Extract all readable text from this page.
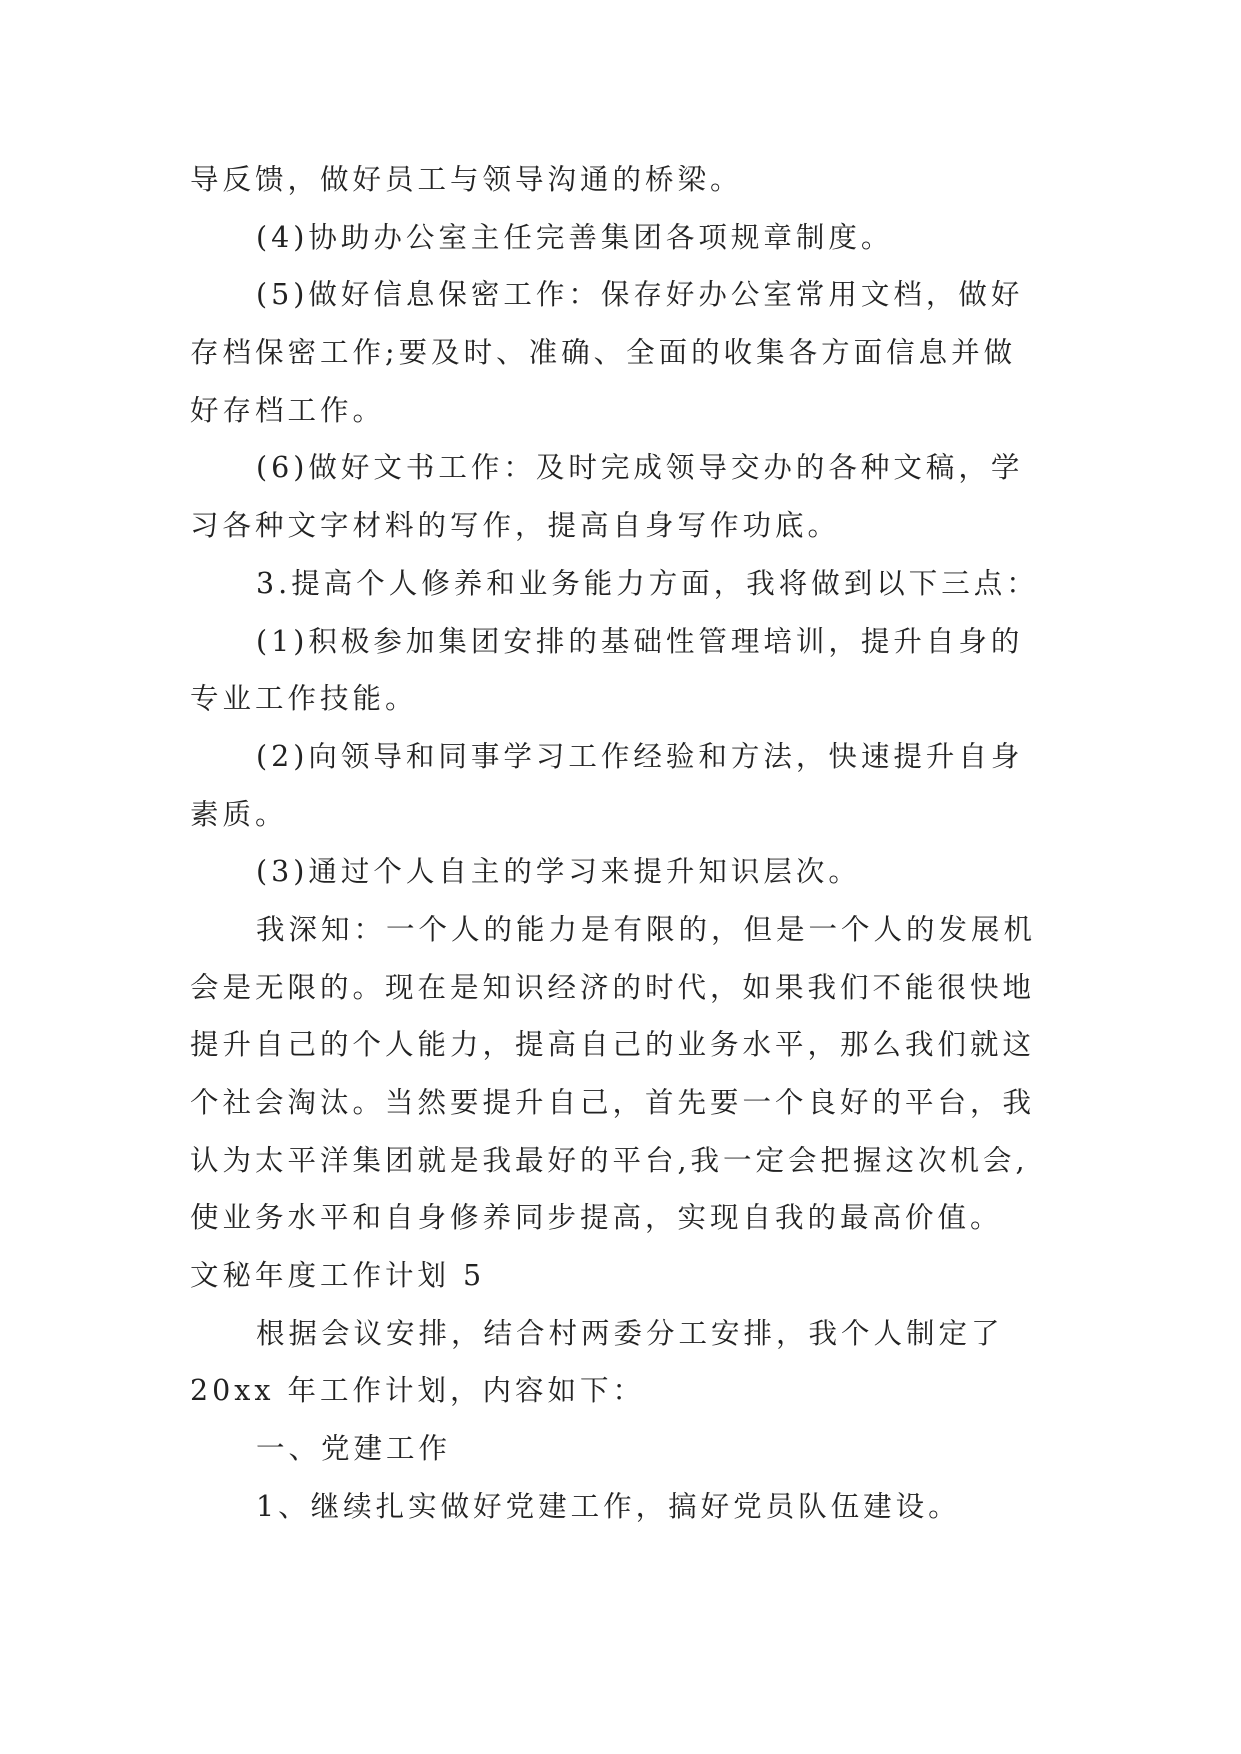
导反馈，做好员工与领导沟通的桥梁。
(4)协助办公室主任完善集团各项规章制度。
(5)做好信息保密工作：保存好办公室常用文档，做好
存档保密工作;要及时、准确、全面的收集各方面信息并做
好存档工作。
(6)做好文书工作：及时完成领导交办的各种文稿，学
习各种文字材料的写作，提高自身写作功底。
3.提高个人修养和业务能力方面，我将做到以下三点：
(1)积极参加集团安排的基础性管理培训，提升自身的
专业工作技能。
(2)向领导和同事学习工作经验和方法，快速提升自身
素质。
(3)通过个人自主的学习来提升知识层次。
我深知：一个人的能力是有限的，但是一个人的发展机
会是无限的。现在是知识经济的时代，如果我们不能很快地
提升自己的个人能力，提高自己的业务水平，那么我们就这
个社会淘汰。当然要提升自己，首先要一个良好的平台，我
认为太平洋集团就是我最好的平台,我一定会把握这次机会,
使业务水平和自身修养同步提高，实现自我的最高价值。
文秘年度工作计划 5
根据会议安排，结合村两委分工安排，我个人制定了
20xx 年工作计划，内容如下：
一、党建工作
1、继续扎实做好党建工作，搞好党员队伍建设。
